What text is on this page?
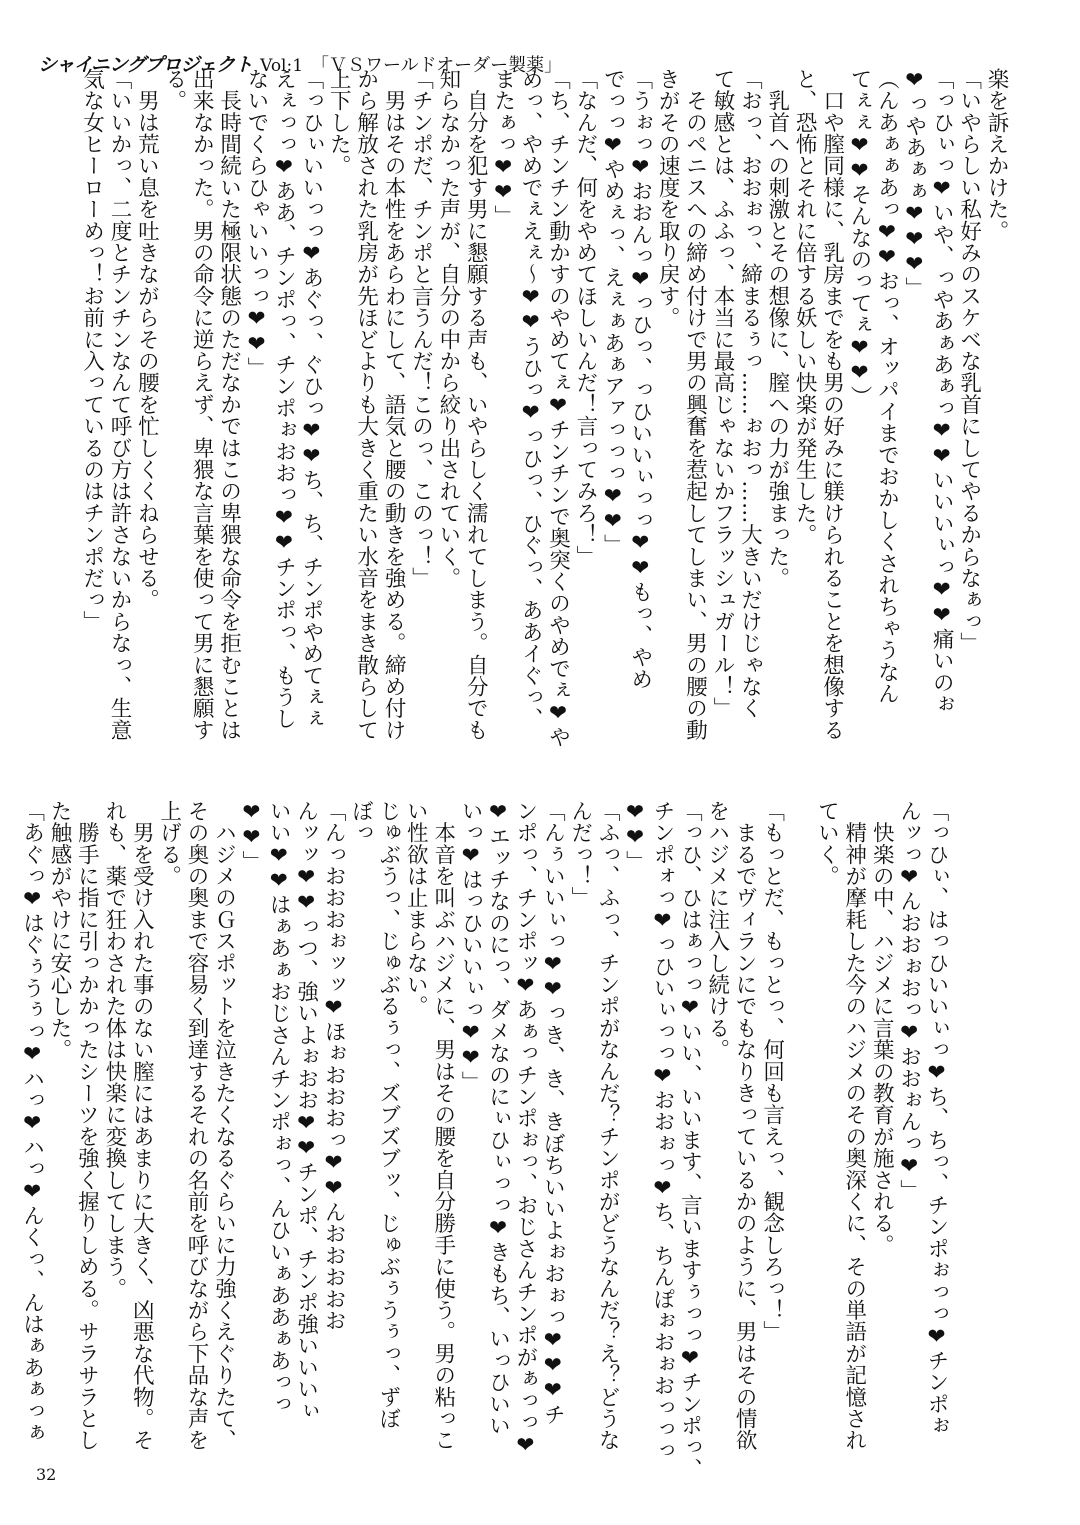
シャイニングプロジェクト Vol:1 「ＶＳワールドオーダー製薬」
楽を訴えかけた。
「いやらしい私好みのスケベな乳首にしてやるからなぁっ」
「っひぃっ❤いや、っやあぁあぁっ❤❤いいいぃっ❤❤痛いのぉ
❤っやあぁぁ❤❤❤」
（んあぁぁあっ❤❤おっ、オッパイまでおかしくされちゃうなん
てぇぇ❤❤そんなのってぇ❤❤）
　口や膣同様に、乳房までをも男の好みに躾けられることを想像する
と、恐怖とそれに倍する妖しい快楽が発生した。
　乳首への刺激とその想像に、膣への力が強まった。
「おっ、おおぉっ、締まるぅっ……ぉおっ……大きいだけじゃなく
て敏感とは、ふふっ、本当に最高じゃないかフラッシュガール！」
　そのペニスへの締め付けで男の興奮を惹起してしまい、男の腰の動
きがその速度を取り戻す。
「うぉっ❤おおんっ❤っひっ、っひいいぃっっ❤❤もっ、やめ
でっっ❤やめぇっ、えぇぁあぁアァっっっ❤❤」
「なんだ、何をやめてほしいんだ！言ってみろ！」
「ち、チンチン動かすのやめてぇ❤チンチンで奥突くのやめでぇ❤や
めっ、やめでぇえぇ〜❤❤うひっ❤っひっ、ひぐっ、ああイぐっ、
またぁっ❤❤」
　自分を犯す男に懇願する声も、いやらしく濡れてしまう。自分でも
知らなかった声が、自分の中から絞り出されていく。
「チンポだ、チンポと言うんだ！このっ、このっ！」
　男はその本性をあらわにして、語気と腰の動きを強める。締め付け
から解放された乳房が先ほどよりも大きく重たい水音をまき散らして
上下した。
「っひぃいいっっ❤あぐっ、ぐひっ❤❤ち、ち、チンポやめてぇぇ
えぇっっ❤ああ、チンポっ、チンポぉおおっ❤❤チンポっ、もうし
ないでくらひゃいいっっ❤❤」
　長時間続いた極限状態のただなかではこの卑猥な命令を拒むことは
出来なかった。男の命令に逆らえず、卑猥な言葉を使って男に懇願す
る。
　男は荒い息を吐きながらその腰を忙しくくねらせる。
「いいかっ、二度とチンチンなんて呼び方は許さないからなっ、生意
気な女ヒーローめっ！お前に入っているのはチンポだっ」
「っひぃ、はっひいいぃっ❤ち、ちっ、チンポぉっっ❤チンポぉ
んッっ❤んおおぉおっ❤おおぉんっ❤」
　快楽の中、ハジメに言葉の教育が施される。
　精神が摩耗した今のハジメのその奥深くに、その単語が記憶され
ていく。
「もっとだ、もっとっ、何回も言えっ、観念しろっ！」
　まるでヴィランにでもなりきっているかのように、男はその情欲
をハジメに注入し続ける。
「っひ、ひはぁっっ❤いい、いいます、言いますぅっっ❤チンポっ、
チンポォっ❤っひいぃっっ❤おおぉっ❤ち、ちんぽぉおぉおっっっ
❤❤」
「ふっ、ふっ、チンポがなんだ？チンポがどうなんだ？え？どうな
んだっ！」
「んぅいいぃっ❤❤っき、き、きぼちいいよぉおぉっ❤❤❤チ
ンポっ、チンポッ❤あぁっチンポぉっ、おじさんチンポがぁっっ❤
❤エッチなのにっ、ダメなのにぃひぃっっ❤きもち、いっひいい
いっ❤はっひいいぃっ❤❤」
　本音を叫ぶハジメに、男はその腰を自分勝手に使う。男の粘っこ
い性欲は止まらない。
じゅぶうっ、じゅぶるぅっ、ズブズブッ、じゅぶぅうぅっ、ずぼ
ぼっ
「んっおおおぉッッ❤ほぉおおおっ❤❤んおおおおお
んッッ❤❤っつ、強いよぉおお❤❤チンポ、チンポ強いいいぃ
いい❤❤はぁあぁおじさんチンポぉっ、んひいぁああぁあっっ
❤❤」
　ハジメのＧスポットを泣きたくなるぐらいに力強くえぐりたて、
その奥の奥まで容易く到達するそれの名前を呼びながら下品な声を
上げる。
　男を受け入れた事のない膣にはあまりに大きく、凶悪な代物。そ
れも、薬で狂わされた体は快楽に変換してしまう。
　勝手に指に引っかかったシーツを強く握りしめる。サラサラとし
た触感がやけに安心した。
「あぐっ❤はぐぅうぅっ❤ハっ❤ハっ❤んくっ、んはぁあぁっぁ
32
